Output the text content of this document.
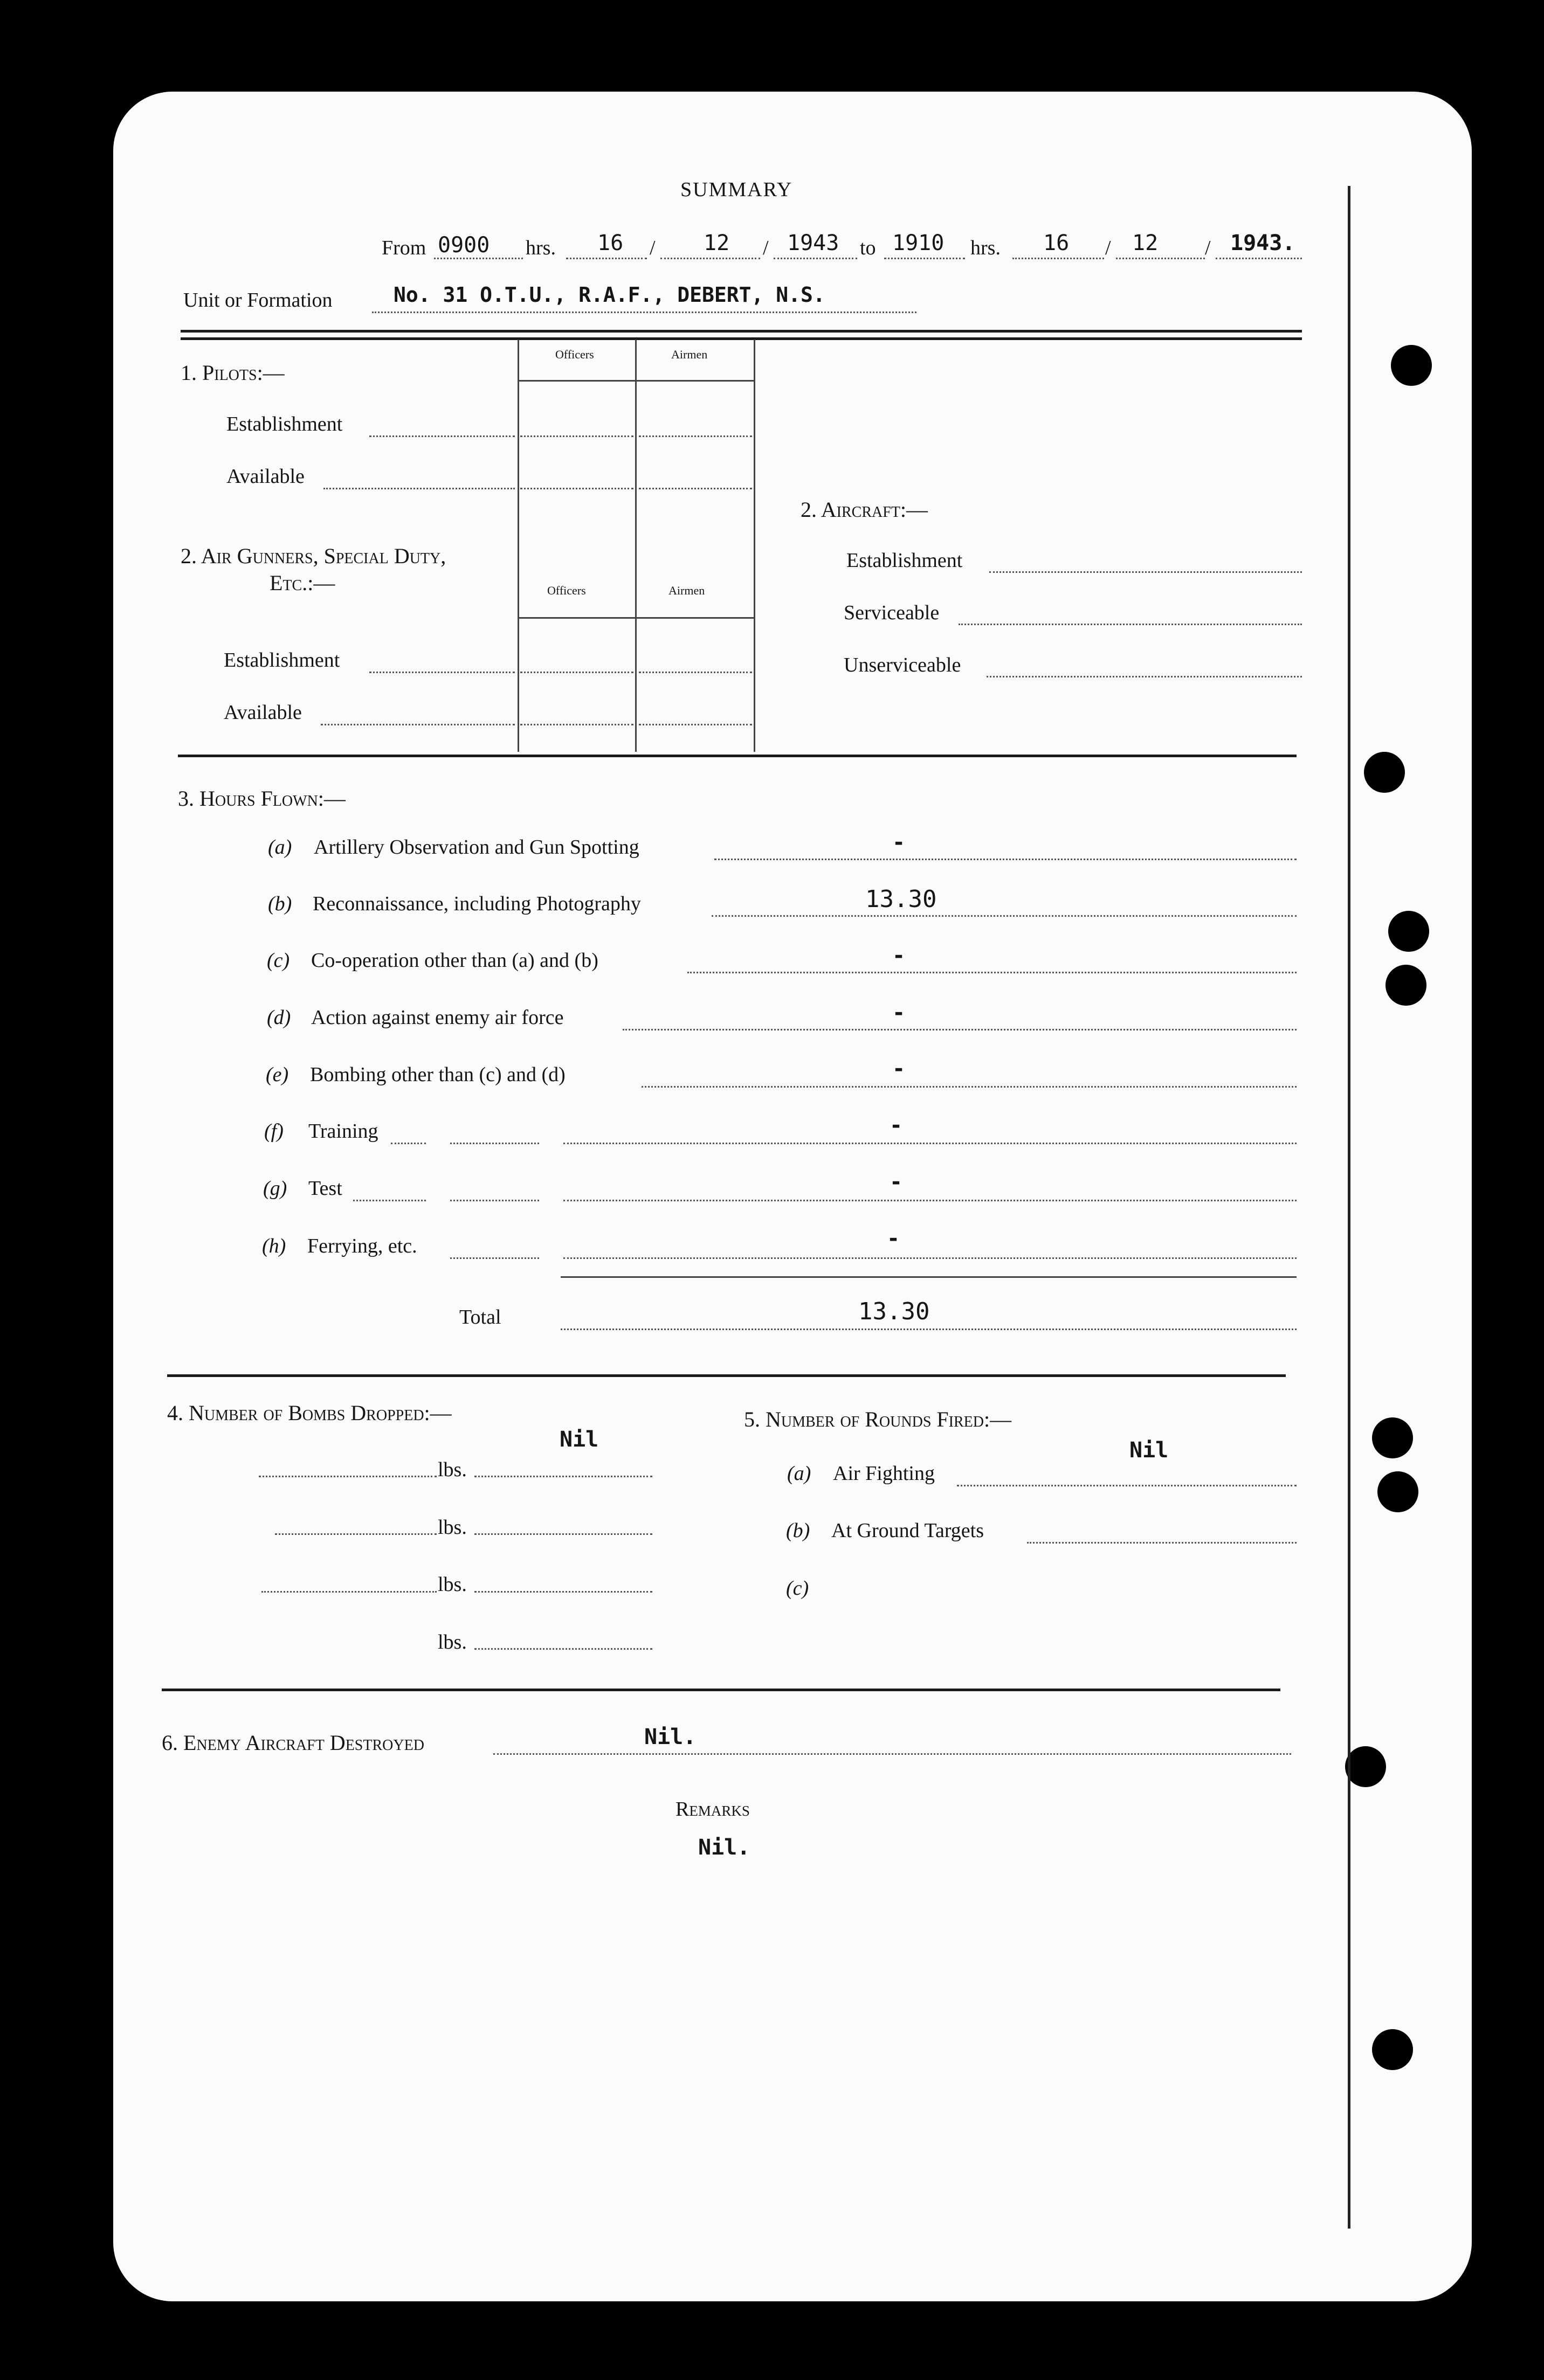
SUMMARY
From 0900 hrs. 16 / 12 / 1943 to 1910 hrs. 16 / 12 / 1943.
Unit or Formation	No. 31 O.T.U., R.A.F., DEBERT, N.S.
Officers	Airmen
1. Pilots:—
Establishment
Available
2. Air Gunners, Special Duty,
Etc.:—	Officers	Airmen
Establishment
Available
2. Aircraft:—
Establishment
Serviceable
Unserviceable
3. Hours Flown:—
(a) Artillery Observation and Gun Spotting	-
(b) Reconnaissance, including Photography	13.30
(c) Co-operation other than (a) and (b)	-
(d) Action against enemy air force	-
(e) Bombing other than (c) and (d)	-
(f) Training	-
(g) Test	-
(h) Ferrying, etc.	-
Total	13.30
4. Number of Bombs Dropped:—
Nil
lbs.
lbs.
lbs.
lbs.
5. Number of Rounds Fired:—
Nil
(a) Air Fighting
(b) At Ground Targets
(c)
6. Enemy Aircraft Destroyed	Nil.
Remarks
Nil.
